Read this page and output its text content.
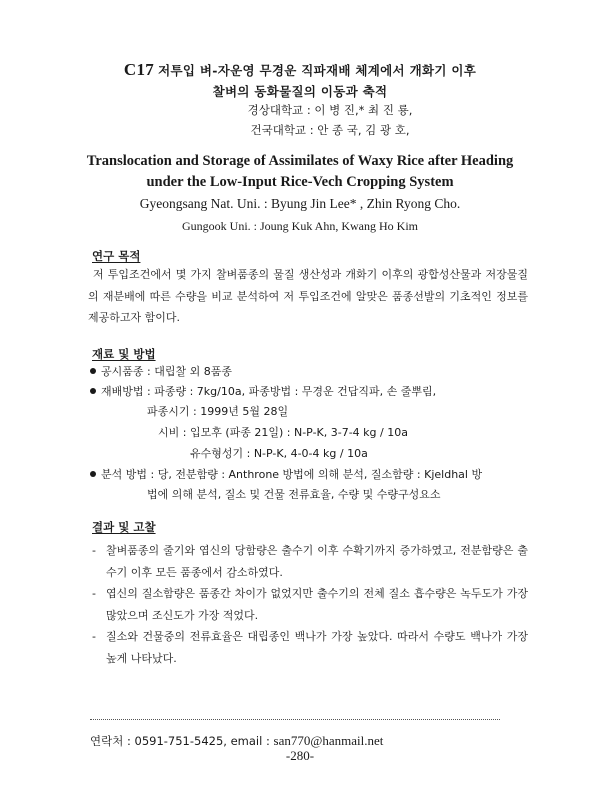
C17 저투입 벼-자운영 무경운 직파재배 체계에서 개화기 이후
찰벼의 동화물질의 이동과 축적
경상대학교 : 이 병 진,* 최 진 룡,
건국대학교 : 안 종 국, 김 광 호,
Translocation and Storage of Assimilates of Waxy Rice after Heading
under the Low-Input Rice-Vech Cropping System
Gyeongsang Nat. Uni. : Byung Jin Lee* , Zhin Ryong Cho.
Gungook Uni. : Joung Kuk Ahn, Kwang Ho Kim
연구 목적
저 투입조건에서 몇 가지 찰벼품종의 물질 생산성과 개화기 이후의 광합성산물과 저장물질의 재분배에 따른 수량을 비교 분석하여 저 투입조건에 알맞은 품종선발의 기초적인 정보를 제공하고자 함이다.
재료 및 방법
공시품종 : 대립찰 외 8품종
재배방법 : 파종량 : 7kg/10a, 파종방법 : 무경운 건답직파, 손 줄뿌림,
파종시기 : 1999년 5월 28일
시비 : 입모후 (파종 21일) : N-P-K, 3-7-4 kg / 10a
유수형성기 : N-P-K, 4-0-4 kg / 10a
분석 방법 : 당, 전분함량 : Anthrone 방법에 의해 분석, 질소함량 : Kjeldhal 방
법에 의해 분석, 질소 및 건물 전류효율, 수량 및 수량구성요소
결과 및 고찰
- 찰벼품종의 줄기와 엽신의 당함량은 출수기 이후 수확기까지 증가하였고, 전분함량은 출수기 이후 모든 품종에서 감소하였다.
- 엽신의 질소함량은 품종간 차이가 없었지만 출수기의 전체 질소 흡수량은 녹두도가 가장 많았으며 조신도가 가장 적었다.
- 질소와 건물중의 전류효율은 대립종인 백나가 가장 높았다. 따라서 수량도 백나가 가장 높게 나타났다.
연락처 : 0591-751-5425, email : san770@hanmail.net
-280-
